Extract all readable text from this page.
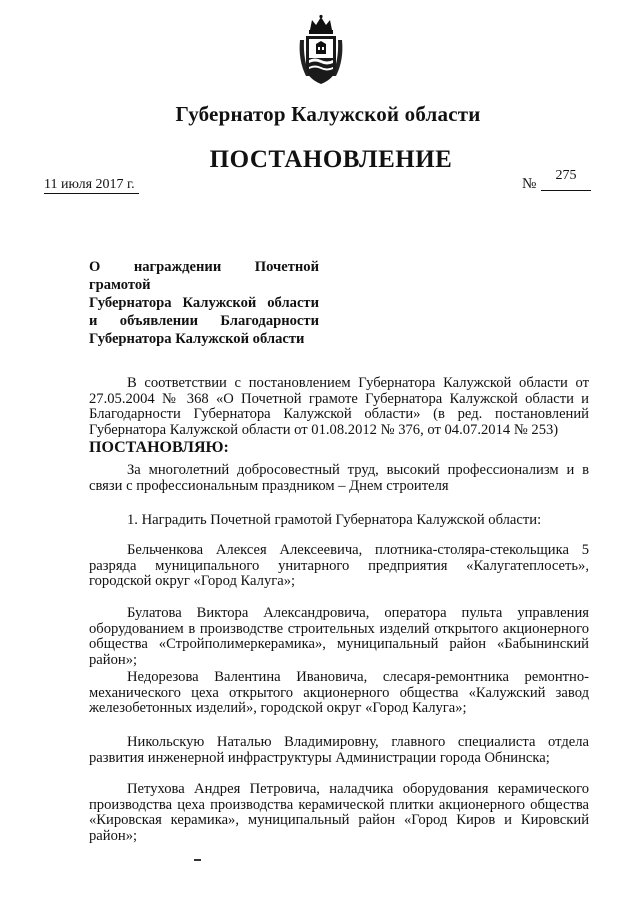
Губернатор Калужской области
ПОСТАНОВЛЕНИЕ
11 июля 2017 г.	№
275
О награждении Почетной грамотой
Губернатора Калужской области
и объявлении Благодарности
Губернатора Калужской области
В соответствии с постановлением Губернатора Калужской области от 27.05.2004 № 368 «О Почетной грамоте Губернатора Калужской области и Благодарности Губернатора Калужской области» (в ред. постановлений Губернатора Калужской области от 01.08.2012 № 376, от 04.07.2014 № 253)
ПОСТАНОВЛЯЮ:
За многолетний добросовестный труд, высокий профессионализм и в связи с профессиональным праздником – Днем строителя
1. Наградить Почетной грамотой Губернатора Калужской области:
Бельченкова Алексея Алексеевича, плотника-столяра-стекольщика 5 разряда муниципального унитарного предприятия «Калугатеплосеть», городской округ «Город Калуга»;
Булатова Виктора Александровича, оператора пульта управления оборудованием в производстве строительных изделий открытого акционерного общества «Стройполимеркерамика», муниципальный район «Бабынинский район»;
Недорезова Валентина Ивановича, слесаря-ремонтника ремонтно-механического цеха открытого акционерного общества «Калужский завод железобетонных изделий», городской округ «Город Калуга»;
Никольскую Наталью Владимировну, главного специалиста отдела развития инженерной инфраструктуры Администрации города Обнинска;
Петухова Андрея Петровича, наладчика оборудования керамического производства цеха производства керамической плитки акционерного общества «Кировская керамика», муниципальный район «Город Киров и Кировский район»;
